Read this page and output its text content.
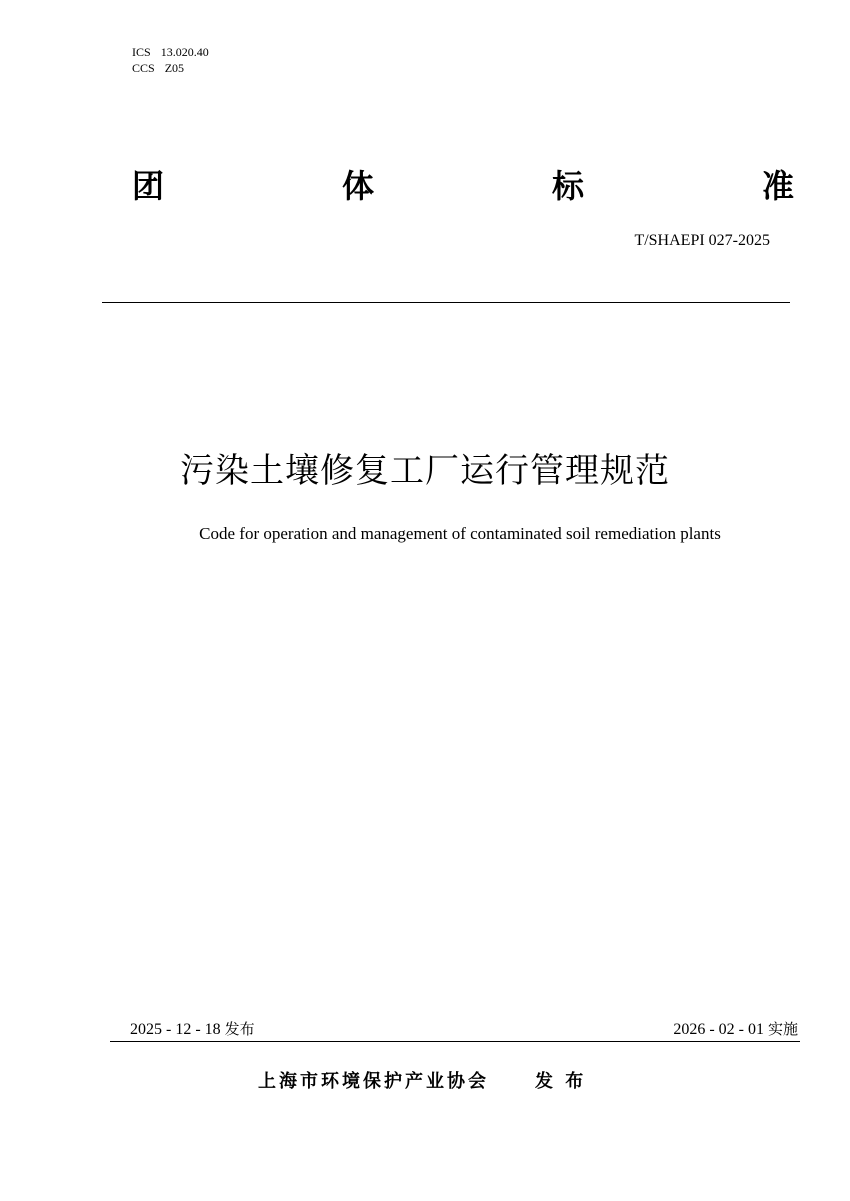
ICS 13.020.40
CCS Z05
团	体	标	准
T/SHAEPI 027-2025
污染土壤修复工厂运行管理规范
Code for operation and management of contaminated soil remediation plants
2025 - 12 - 18 发布	2026 - 02 - 01 实施
上海市环境保护产业协会	发 布
